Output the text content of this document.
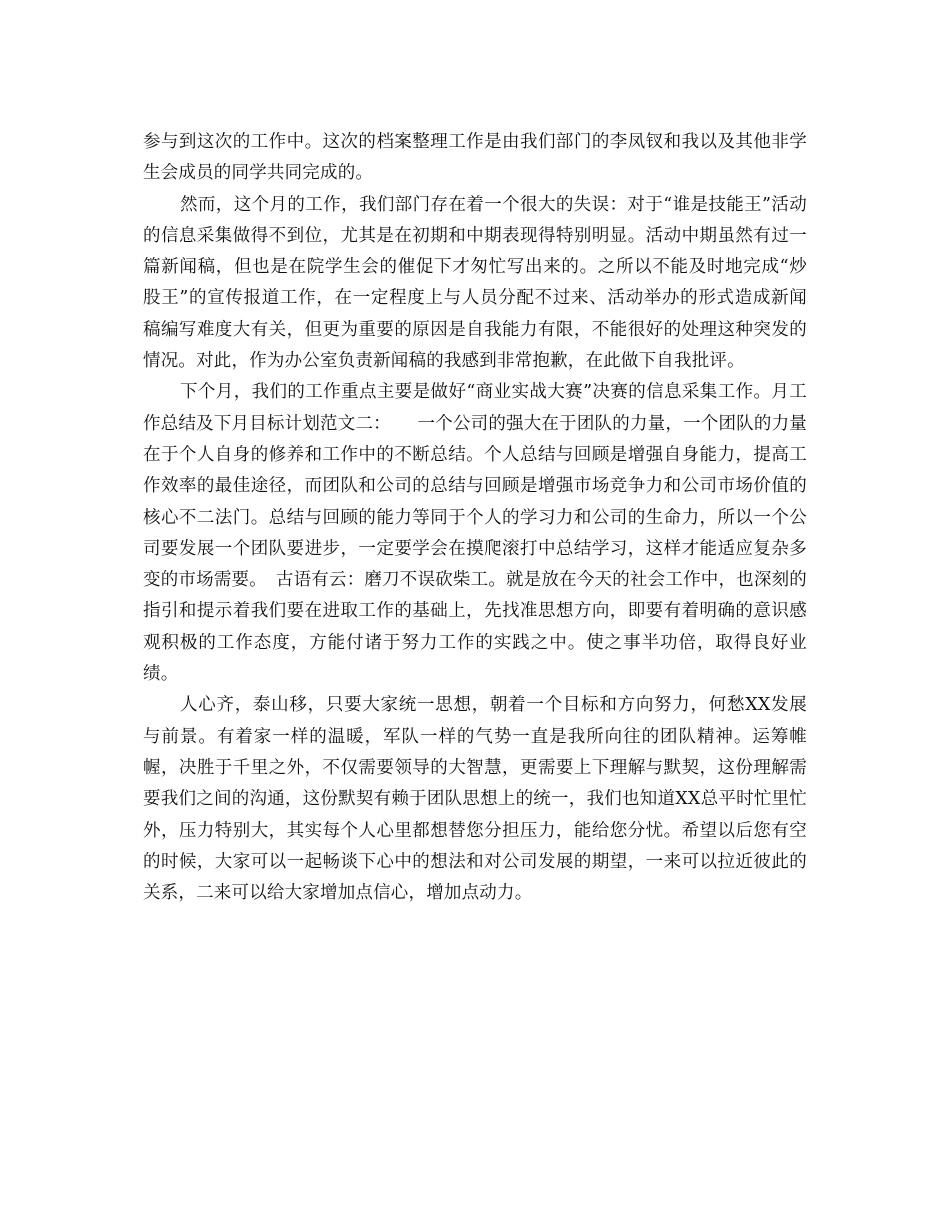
参与到这次的工作中。这次的档案整理工作是由我们部门的李凤钗和我以及其他非学生会成员的同学共同完成的。

然而，这个月的工作，我们部门存在着一个很大的失误：对于“谁是技能王”活动的信息采集做得不到位，尤其是在初期和中期表现得特别明显。活动中期虽然有过一篇新闻稿，但也是在院学生会的催促下才匆忙写出来的。之所以不能及时地完成“炒股王”的宣传报道工作，在一定程度上与人员分配不过来、活动举办的形式造成新闻稿编写难度大有关，但更为重要的原因是自我能力有限，不能很好的处理这种突发的情况。对此，作为办公室负责新闻稿的我感到非常抱歉，在此做下自我批评。

下个月，我们的工作重点主要是做好“商业实战大赛”决赛的信息采集工作。月工作总结及下月目标计划范文二：　　一个公司的强大在于团队的力量，一个团队的力量在于个人自身的修养和工作中的不断总结。个人总结与回顾是增强自身能力，提高工作效率的最佳途径，而团队和公司的总结与回顾是增强市场竞争力和公司市场价值的核心不二法门。总结与回顾的能力等同于个人的学习力和公司的生命力，所以一个公司要发展一个团队要进步，一定要学会在摸爬滚打中总结学习，这样才能适应复杂多变的市场需要。　古语有云：磨刀不误砍柴工。就是放在今天的社会工作中，也深刻的指引和提示着我们要在进取工作的基础上，先找准思想方向，即要有着明确的意识感观积极的工作态度，方能付诸于努力工作的实践之中。使之事半功倍，取得良好业绩。

人心齐，泰山移，只要大家统一思想，朝着一个目标和方向努力，何愁XX发展与前景。有着家一样的温暖，军队一样的气势一直是我所向往的团队精神。运筹帷幄，决胜于千里之外，不仅需要领导的大智慧，更需要上下理解与默契，这份理解需要我们之间的沟通，这份默契有赖于团队思想上的统一，我们也知道XX总平时忙里忙外，压力特别大，其实每个人心里都想替您分担压力，能给您分忧。希望以后您有空的时候，大家可以一起畅谈下心中的想法和对公司发展的期望，一来可以拉近彼此的关系，二来可以给大家增加点信心，增加点动力。
